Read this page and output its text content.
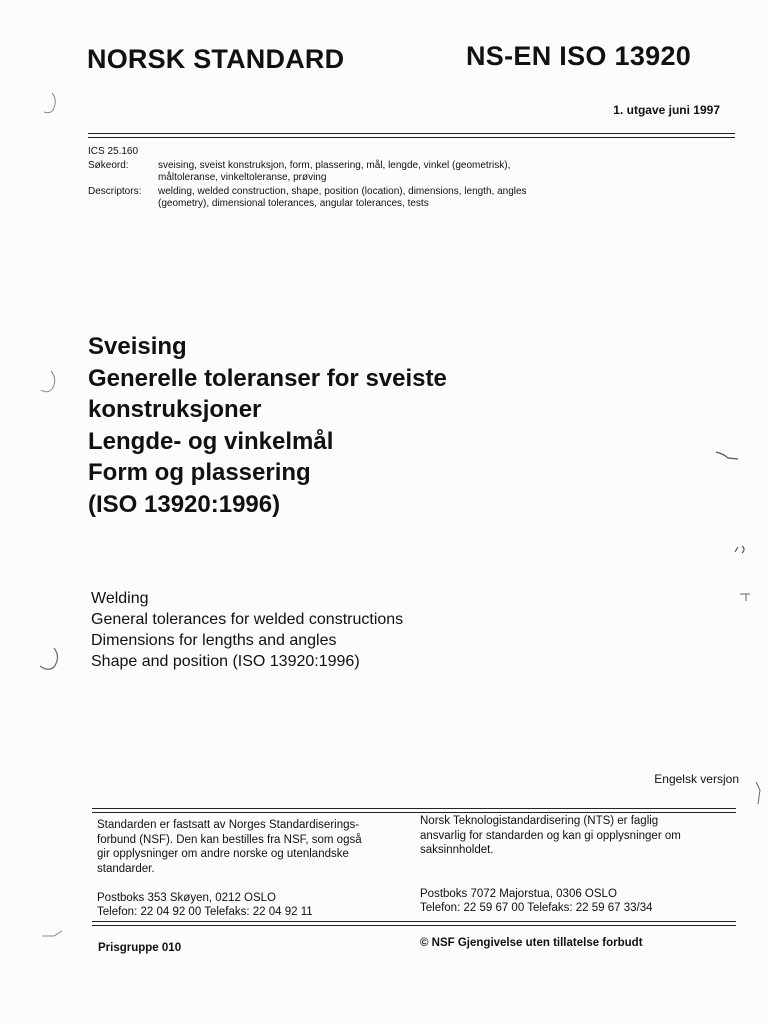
NORSK STANDARD	NS-EN ISO 13920
1. utgave juni 1997
ICS 25.160
Søkeord:	sveising, sveist konstruksjon, form, plassering, mål, lengde, vinkel (geometrisk),
måltoleranse, vinkeltoleranse, prøving
Descriptors: welding, welded construction, shape, position (location), dimensions, length, angles
(geometry), dimensional tolerances, angular tolerances, tests
Sveising
Generelle toleranser for sveiste
konstruksjoner
Lengde- og vinkelmål
Form og plassering
(ISO 13920:1996)
Welding
General tolerances for welded constructions
Dimensions for lengths and angles
Shape and position (ISO 13920:1996)
Engelsk versjon
Standarden er fastsatt av Norges Standardiserings-
forbund (NSF). Den kan bestilles fra NSF, som også
gir opplysninger om andre norske og utenlandske
standarder.
Postboks 353 Skøyen, 0212 OSLO
Telefon: 22 04 92 00 Telefaks: 22 04 92 11
Norsk Teknologistandardisering (NTS) er faglig
ansvarlig for standarden og kan gi opplysninger om
saksinnholdet.
Postboks 7072 Majorstua, 0306 OSLO
Telefon: 22 59 67 00 Telefaks: 22 59 67 33/34
Prisgruppe 010	© NSF Gjengivelse uten tillatelse forbudt
